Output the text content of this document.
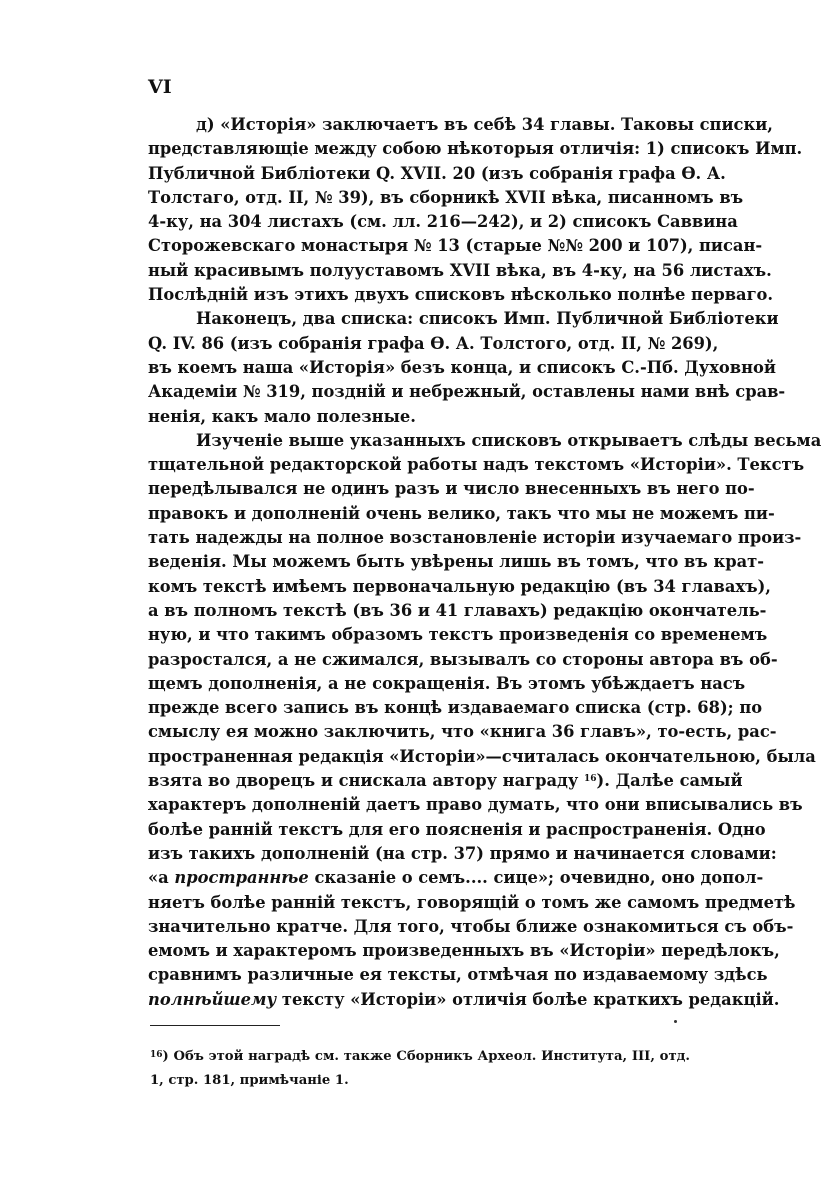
VI
д) «Исторія» заключаетъ въ себѣ 34 главы. Таковы списки,
представляющіе между собою нѣкоторыя отличія: 1) списокъ Имп.
Публичной Библіотеки Q. XVII. 20 (изъ собранія графа Ѳ. А.
Толстаго, отд. II, № 39), въ сборникѣ XVII вѣка, писанномъ въ
4-ку, на 304 листахъ (см. лл. 216—242), и 2) списокъ Саввина
Сторожевскаго монастыря № 13 (старые №№ 200 и 107), писан-
ный красивымъ полууставомъ XVII вѣка, въ 4-ку, на 56 листахъ.
Послѣдній изъ этихъ двухъ списковъ нѣсколько полнѣе перваго.
Наконецъ, два списка: списокъ Имп. Публичной Библіотеки
Q. IV. 86 (изъ собранія графа Ѳ. А. Толстого, отд. II, № 269),
въ коемъ наша «Исторія» безъ конца, и списокъ С.-Пб. Духовной
Академіи № 319, поздній и небрежный, оставлены нами внѣ срав-
ненія, какъ мало полезные.
Изученіе выше указанныхъ списковъ открываетъ слѣды весьма
тщательной редакторской работы надъ текстомъ «Исторіи». Текстъ
передѣлывался не одинъ разъ и число внесенныхъ въ него по-
правокъ и дополненій очень велико, такъ что мы не можемъ пи-
тать надежды на полное возстановленіе исторіи изучаемаго произ-
веденія. Мы можемъ быть увѣрены лишь въ томъ, что въ крат-
комъ текстѣ имѣемъ первоначальную редакцію (въ 34 главахъ),
а въ полномъ текстѣ (въ 36 и 41 главахъ) редакцію окончатель-
ную, и что такимъ образомъ текстъ произведенія со временемъ
разростался, а не сжимался, вызывалъ со стороны автора въ об-
щемъ дополненія, а не сокращенія. Въ этомъ убѣждаетъ насъ
прежде всего запись въ концѣ издаваемаго списка (стр. 68); по
смыслу ея можно заключить, что «книга 36 главъ», то-есть, рас-
пространенная редакція «Исторіи»—считалась окончательною, была
взята во дворецъ и снискала автору награду $^{16}$). Далѣе самый
характеръ дополненій даетъ право думать, что они вписывались въ
болѣе ранній текстъ для его поясненія и распространенія. Одно
изъ такихъ дополненій (на стр. 37) прямо и начинается словами:
«а пространнѣе сказаніе о семъ.... сице»; очевидно, оно допол-
няетъ болѣе ранній текстъ, говорящій о томъ же самомъ предметѣ
значительно кратче. Для того, чтобы ближе ознакомиться съ объ-
емомъ и характеромъ произведенныхъ въ «Исторіи» передѣлокъ,
сравнимъ различные ея тексты, отмѣчая по издаваемому здѣсь
полнѣйшему тексту «Исторіи» отличія болѣе краткихъ редакцій.
$^{16}$) Объ этой наградѣ см. также Сборникъ Археол. Института, III, отд.
1, стр. 181, примѣчаніе 1.
